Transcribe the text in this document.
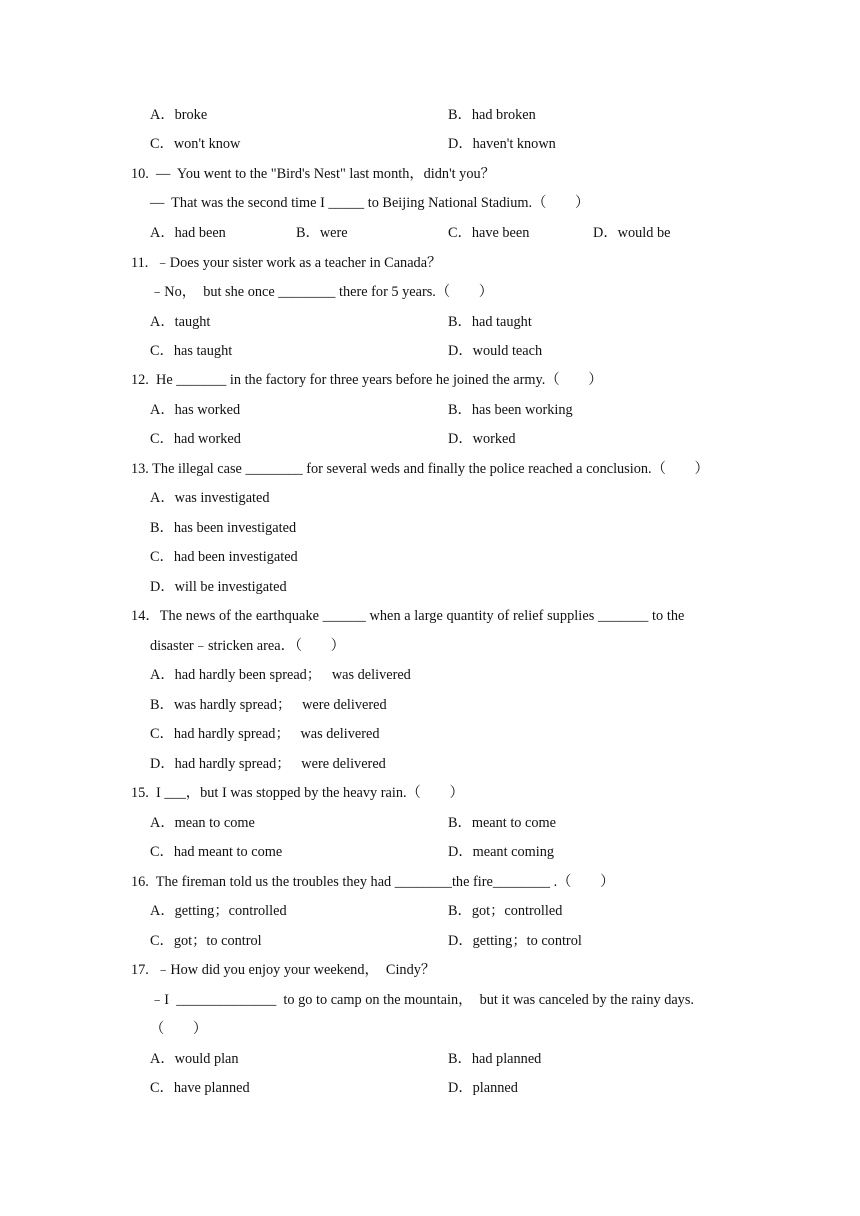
A．broke	B．had broken
C．won't know	D．haven't known
10.  —  You went to the "Bird's Nest" last month，didn't you？
—  That was the second time I _____ to Beijing National Stadium.（　　）
A．had been	B．were	C．have been	D．would be
11.  ﹣Does your sister work as a teacher in Canada？
﹣No，  but she once ________ there for 5 years.（　　）
A．taught	B．had taught
C．has taught	D．would teach
12.  He _______ in the factory for three years before he joined the army.（　　）
A．has worked	B．has been working
C．had worked	D．worked
13. The illegal case ________ for several weds and finally the police reached a conclusion.（　　）
A．was investigated
B．has been investigated
C．had been investigated
D．will be investigated
14．The news of the earthquake ______ when a large quantity of relief supplies _______ to the
disaster﹣stricken area．（　　）
A．had hardly been spread；   was delivered
B．was hardly spread；   were delivered
C．had hardly spread；   was delivered
D．had hardly spread；   were delivered
15.  I ___，but I was stopped by the heavy rain.（　　）
A．mean to come	B．meant to come
C．had meant to come	D．meant coming
16.  The fireman told us the troubles they had ________the fire________ .（　　）
A．getting；controlled	B．got；controlled
C．got；to control	D．getting；to control
17.  ﹣How did you enjoy your weekend，  Cindy？
﹣I  ______________  to go to camp on the mountain，  but it was canceled by the rainy days.
（　　）
A．would plan	B．had planned
C．have planned	D．planned
